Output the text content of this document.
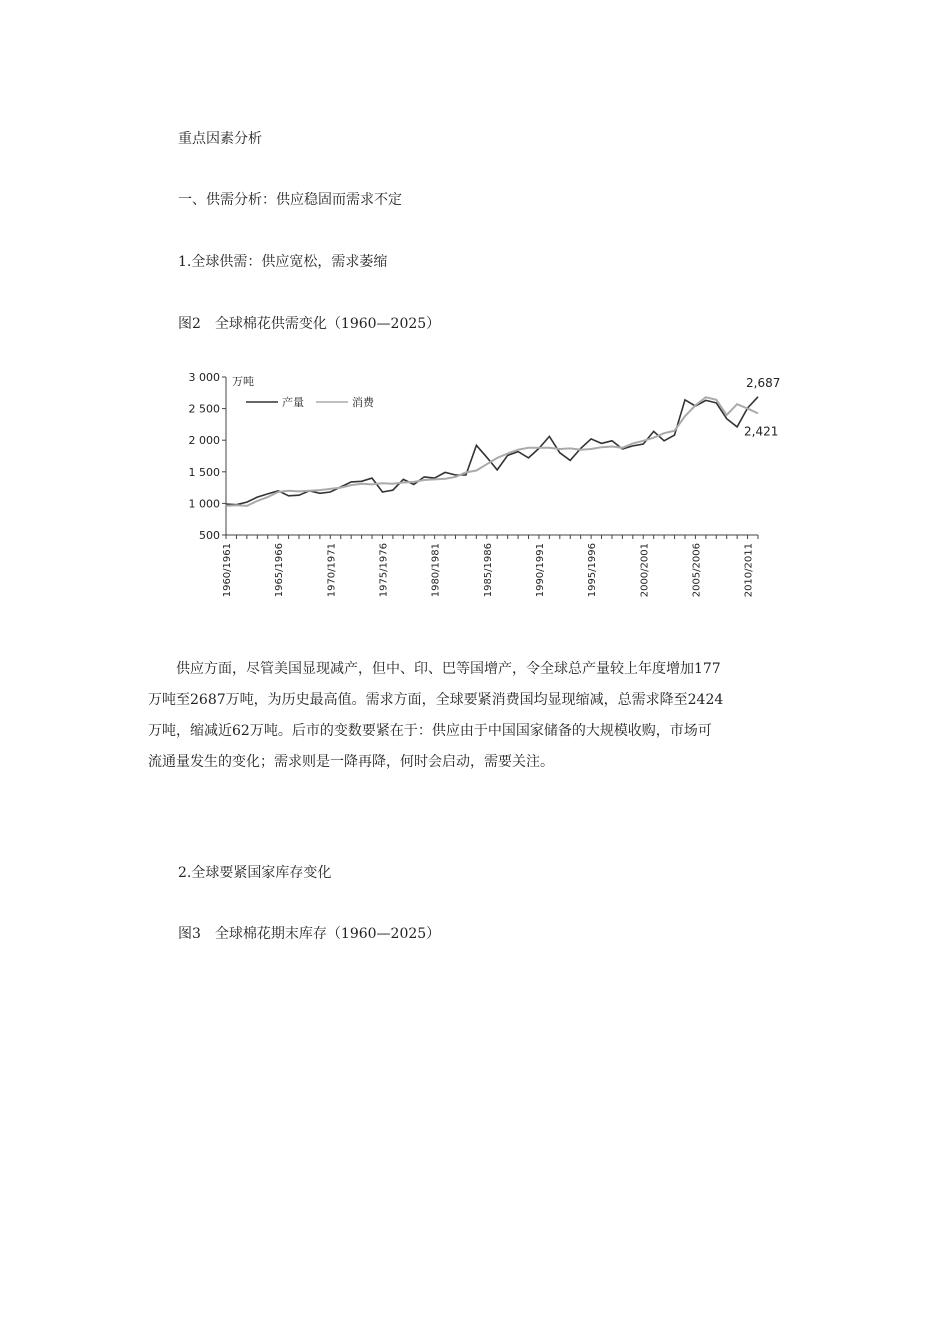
重点因素分析
一、供需分析：供应稳固而需求不定
1.全球供需：供应宽松，需求萎缩
图2　全球棉花供需变化（1960—2025）
3 000
2 500
2 000
1 500
1 000
500
万吨
1960/1961	1965/1966	1970/1971	1975/1976	1980/1981	1985/1986	1990/1991	1995/1996	2000/2001	2005/2006	2010/2011
产量	消费
2,687
2,421
供应方面，尽管美国显现减产，但中、印、巴等国增产，令全球总产量较上年度增加177
万吨至2687万吨，为历史最高值。需求方面，全球要紧消费国均显现缩减，总需求降至2424
万吨，缩减近62万吨。后市的变数要紧在于：供应由于中国国家储备的大规模收购，市场可
流通量发生的变化；需求则是一降再降，何时会启动，需要关注。
2.全球要紧国家库存变化
图3　全球棉花期末库存（1960—2025）
